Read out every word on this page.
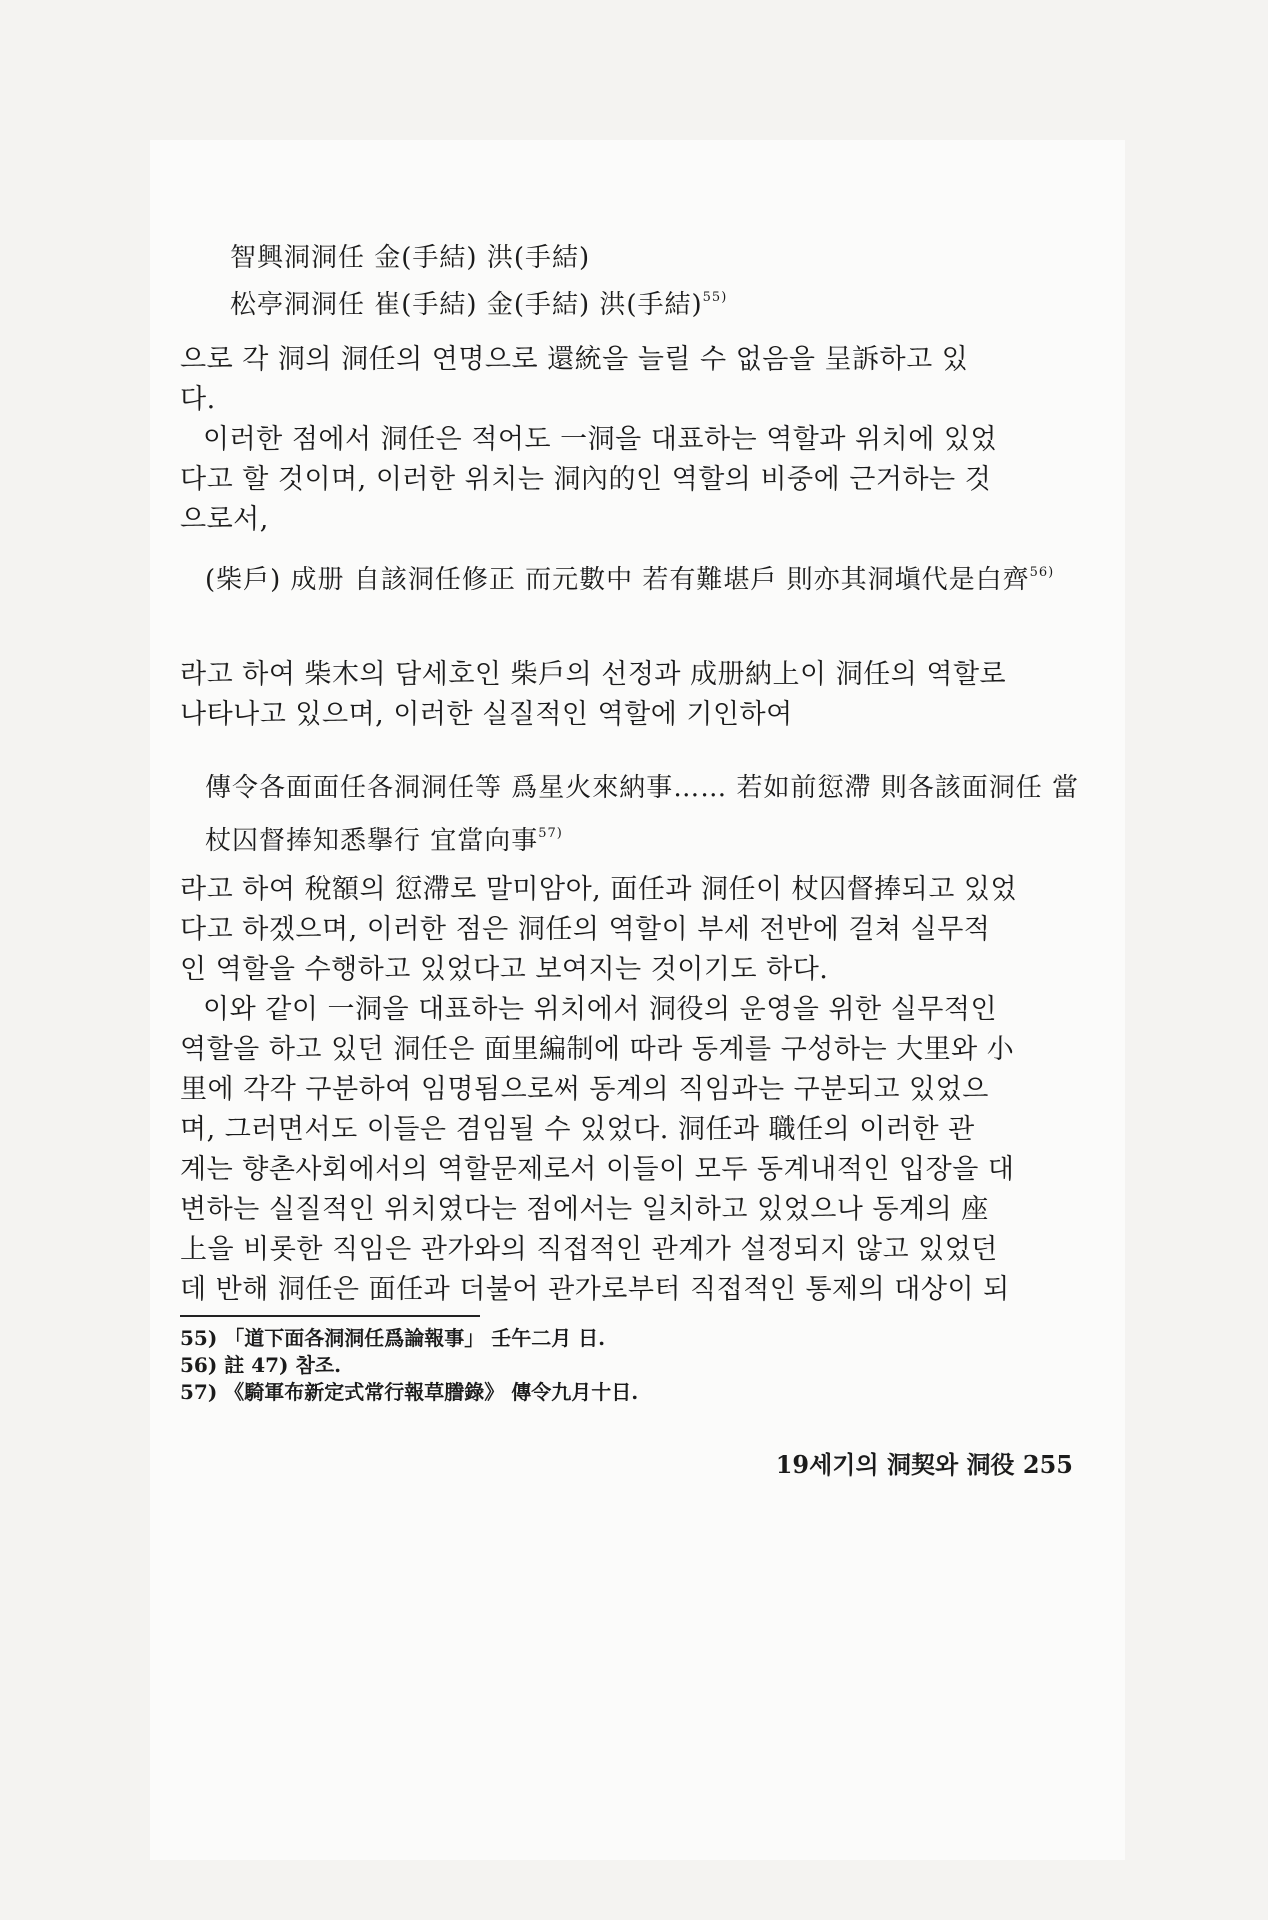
智興洞洞任 金(手結) 洪(手結)
松亭洞洞任 崔(手結) 金(手結) 洪(手結)$^{55)}$
으로 각 洞의 洞任의 연명으로 還統을 늘릴 수 없음을 呈訴하고 있
다.
이러한 점에서 洞任은 적어도 一洞을 대표하는 역할과 위치에 있었
다고 할 것이며, 이러한 위치는 洞內的인 역할의 비중에 근거하는 것
으로서,
(柴戶) 成册 自該洞任修正 而元數中 若有難堪戶 則亦其洞塡代是白齊$^{56)}$
라고 하여 柴木의 담세호인 柴戶의 선정과 成册納上이 洞任의 역할로
나타나고 있으며, 이러한 실질적인 역할에 기인하여
傳令各面面任各洞洞任等 爲星火來納事…… 若如前愆滯 則各該面洞任 當杖囚督捧知悉擧行 宜當向事$^{57)}$
라고 하여 稅額의 愆滯로 말미암아, 面任과 洞任이 杖囚督捧되고 있었
다고 하겠으며, 이러한 점은 洞任의 역할이 부세 전반에 걸쳐 실무적
인 역할을 수행하고 있었다고 보여지는 것이기도 하다.
이와 같이 一洞을 대표하는 위치에서 洞役의 운영을 위한 실무적인
역할을 하고 있던 洞任은 面里編制에 따라 동계를 구성하는 大里와 小
里에 각각 구분하여 임명됨으로써 동계의 직임과는 구분되고 있었으
며, 그러면서도 이들은 겸임될 수 있었다. 洞任과 職任의 이러한 관
계는 향촌사회에서의 역할문제로서 이들이 모두 동계내적인 입장을 대
변하는 실질적인 위치였다는 점에서는 일치하고 있었으나 동계의 座
上을 비롯한 직임은 관가와의 직접적인 관계가 설정되지 않고 있었던
데 반해 洞任은 面任과 더불어 관가로부터 직접적인 통제의 대상이 되
55) 「道下面各洞洞任爲論報事」 壬午二月 日.
56) 註 47) 참조.
57) 《騎軍布新定式常行報草謄錄》 傳令九月十日.
19세기의 洞契와 洞役 255
